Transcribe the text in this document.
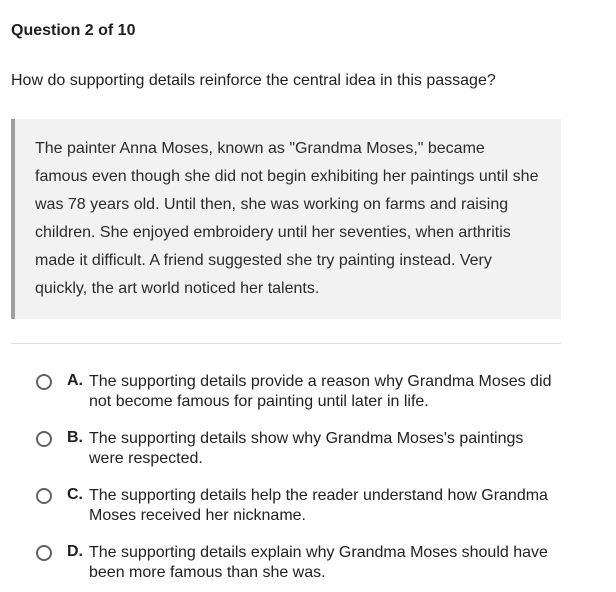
Question 2 of 10
How do supporting details reinforce the central idea in this passage?
The painter Anna Moses, known as "Grandma Moses," became famous even though she did not begin exhibiting her paintings until she was 78 years old. Until then, she was working on farms and raising children. She enjoyed embroidery until her seventies, when arthritis made it difficult. A friend suggested she try painting instead. Very quickly, the art world noticed her talents.
A. The supporting details provide a reason why Grandma Moses did not become famous for painting until later in life.
B. The supporting details show why Grandma Moses's paintings were respected.
C. The supporting details help the reader understand how Grandma Moses received her nickname.
D. The supporting details explain why Grandma Moses should have been more famous than she was.
